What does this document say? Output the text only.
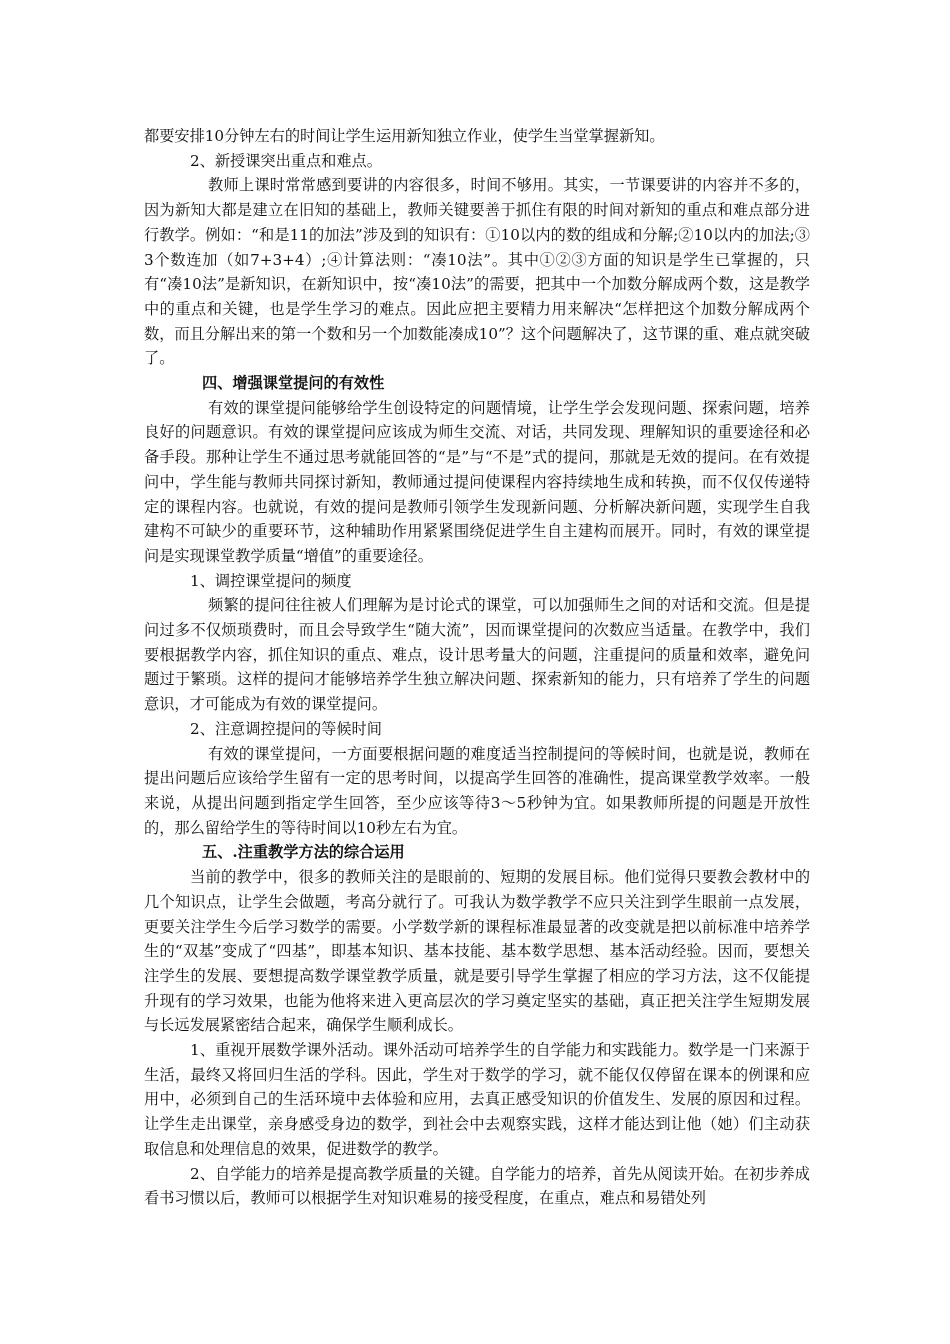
都要安排10分钟左右的时间让学生运用新知独立作业，使学生当堂掌握新知。

2、新授课突出重点和难点。

教师上课时常常感到要讲的内容很多，时间不够用。其实，一节课要讲的内容并不多的，因为新知大都是建立在旧知的基础上，教师关键要善于抓住有限的时间对新知的重点和难点部分进行教学。例如：“和是11的加法”涉及到的知识有：①10以内的数的组成和分解;②10以内的加法;③3个数连加（如7+3+4）;④计算法则：“凑10法”。其中①②③方面的知识是学生已掌握的，只有“凑10法”是新知识，在新知识中，按“凑10法”的需要，把其中一个加数分解成两个数，这是教学中的重点和关键，也是学生学习的难点。因此应把主要精力用来解决“怎样把这个加数分解成两个数，而且分解出来的第一个数和另一个加数能凑成10”？这个问题解决了，这节课的重、难点就突破了。

四、增强课堂提问的有效性

有效的课堂提问能够给学生创设特定的问题情境，让学生学会发现问题、探索问题，培养良好的问题意识。有效的课堂提问应该成为师生交流、对话，共同发现、理解知识的重要途径和必备手段。那种让学生不通过思考就能回答的“是”与“不是”式的提问，那就是无效的提问。在有效提问中，学生能与教师共同探讨新知，教师通过提问使课程内容持续地生成和转换，而不仅仅传递特定的课程内容。也就说，有效的提问是教师引领学生发现新问题、分析解决新问题，实现学生自我建构不可缺少的重要环节，这种辅助作用紧紧围绕促进学生自主建构而展开。同时，有效的课堂提问是实现课堂教学质量“增值”的重要途径。

1、调控课堂提问的频度

频繁的提问往往被人们理解为是讨论式的课堂，可以加强师生之间的对话和交流。但是提问过多不仅烦琐费时，而且会导致学生“随大流”，因而课堂提问的次数应当适量。在教学中，我们要根据教学内容，抓住知识的重点、难点，设计思考量大的问题，注重提问的质量和效率，避免问题过于繁琐。这样的提问才能够培养学生独立解决问题、探索新知的能力，只有培养了学生的问题意识，才可能成为有效的课堂提问。

2、注意调控提问的等候时间

有效的课堂提问，一方面要根据问题的难度适当控制提问的等候时间，也就是说，教师在提出问题后应该给学生留有一定的思考时间，以提高学生回答的准确性，提高课堂教学效率。一般来说，从提出问题到指定学生回答，至少应该等待3～5秒钟为宜。如果教师所提的问题是开放性的，那么留给学生的等待时间以10秒左右为宜。

五、.注重教学方法的综合运用

当前的教学中，很多的教师关注的是眼前的、短期的发展目标。他们觉得只要教会教材中的几个知识点，让学生会做题，考高分就行了。可我认为数学教学不应只关注到学生眼前一点发展，更要关注学生今后学习数学的需要。小学数学新的课程标准最显著的改变就是把以前标准中培养学生的“双基”变成了“四基”，即基本知识、基本技能、基本数学思想、基本活动经验。因而，要想关注学生的发展、要想提高数学课堂教学质量，就是要引导学生掌握了相应的学习方法，这不仅能提升现有的学习效果，也能为他将来进入更高层次的学习奠定坚实的基础，真正把关注学生短期发展与长远发展紧密结合起来，确保学生顺利成长。

1、重视开展数学课外活动。课外活动可培养学生的自学能力和实践能力。数学是一门来源于生活，最终又将回归生活的学科。因此，学生对于数学的学习，就不能仅仅停留在课本的例课和应用中，必须到自己的生活环境中去体验和应用，去真正感受知识的价值发生、发展的原因和过程。让学生走出课堂，亲身感受身边的数学，到社会中去观察实践，这样才能达到让他（她）们主动获取信息和处理信息的效果，促进数学的教学。

2、自学能力的培养是提高教学质量的关键。自学能力的培养，首先从阅读开始。在初步养成看书习惯以后，教师可以根据学生对知识难易的接受程度，在重点，难点和易错处列
